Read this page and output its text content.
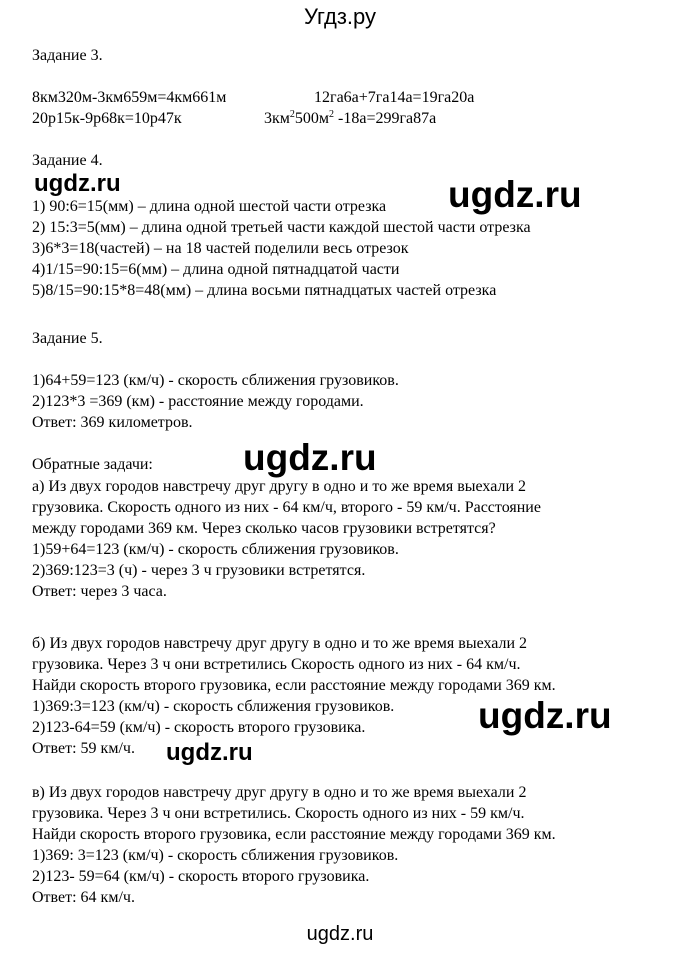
Угдз.ру
Задание 3.
8км320м-3км659м=4км661м	12га6а+7га14а=19га20а
20р15к-9р68к=10р47к	$3км^2500м^2$ -18а=299га87а
Задание 4.
1) 90:6=15(мм) – длина одной шестой части отрезка
2) 15:3=5(мм) – длина одной третьей части каждой шестой части отрезка
3)6*3=18(частей) – на 18 частей поделили весь отрезок
4)1/15=90:15=6(мм) – длина одной пятнадцатой части
5)8/15=90:15*8=48(мм) – длина восьми пятнадцатых частей отрезка
Задание 5.
1)64+59=123 (км/ч) - скорость сближения грузовиков.
2)123*3 =369 (км) - расстояние между городами.
Ответ: 369 километров.
Обратные задачи:
а) Из двух городов навстречу друг другу в одно и то же время выехали 2
грузовика. Скорость одного из них - 64 км/ч, второго - 59 км/ч. Расстояние
между городами 369 км. Через сколько часов грузовики встретятся?
1)59+64=123 (км/ч) - скорость сближения грузовиков.
2)369:123=3 (ч) - через 3 ч грузовики встретятся.
Ответ: через 3 часа.
б) Из двух городов навстречу друг другу в одно и то же время выехали 2
грузовика. Через 3 ч они встретились Скорость одного из них - 64 км/ч.
Найди скорость второго грузовика, если расстояние между городами 369 км.
1)369:3=123 (км/ч) - скорость сближения грузовиков.
2)123-64=59 (км/ч) - скорость второго грузовика.
Ответ: 59 км/ч.
в) Из двух городов навстречу друг другу в одно и то же время выехали 2
грузовика. Через 3 ч они встретились. Скорость одного из них - 59 км/ч.
Найди скорость второго грузовика, если расстояние между городами 369 км.
1)369: 3=123 (км/ч) - скорость сближения грузовиков.
2)123- 59=64 (км/ч) - скорость второго грузовика.
Ответ: 64 км/ч.
ugdz.ru	ugdz.ru
ugdz.ru
ugdz.ru
ugdz.ru
ugdz.ru
